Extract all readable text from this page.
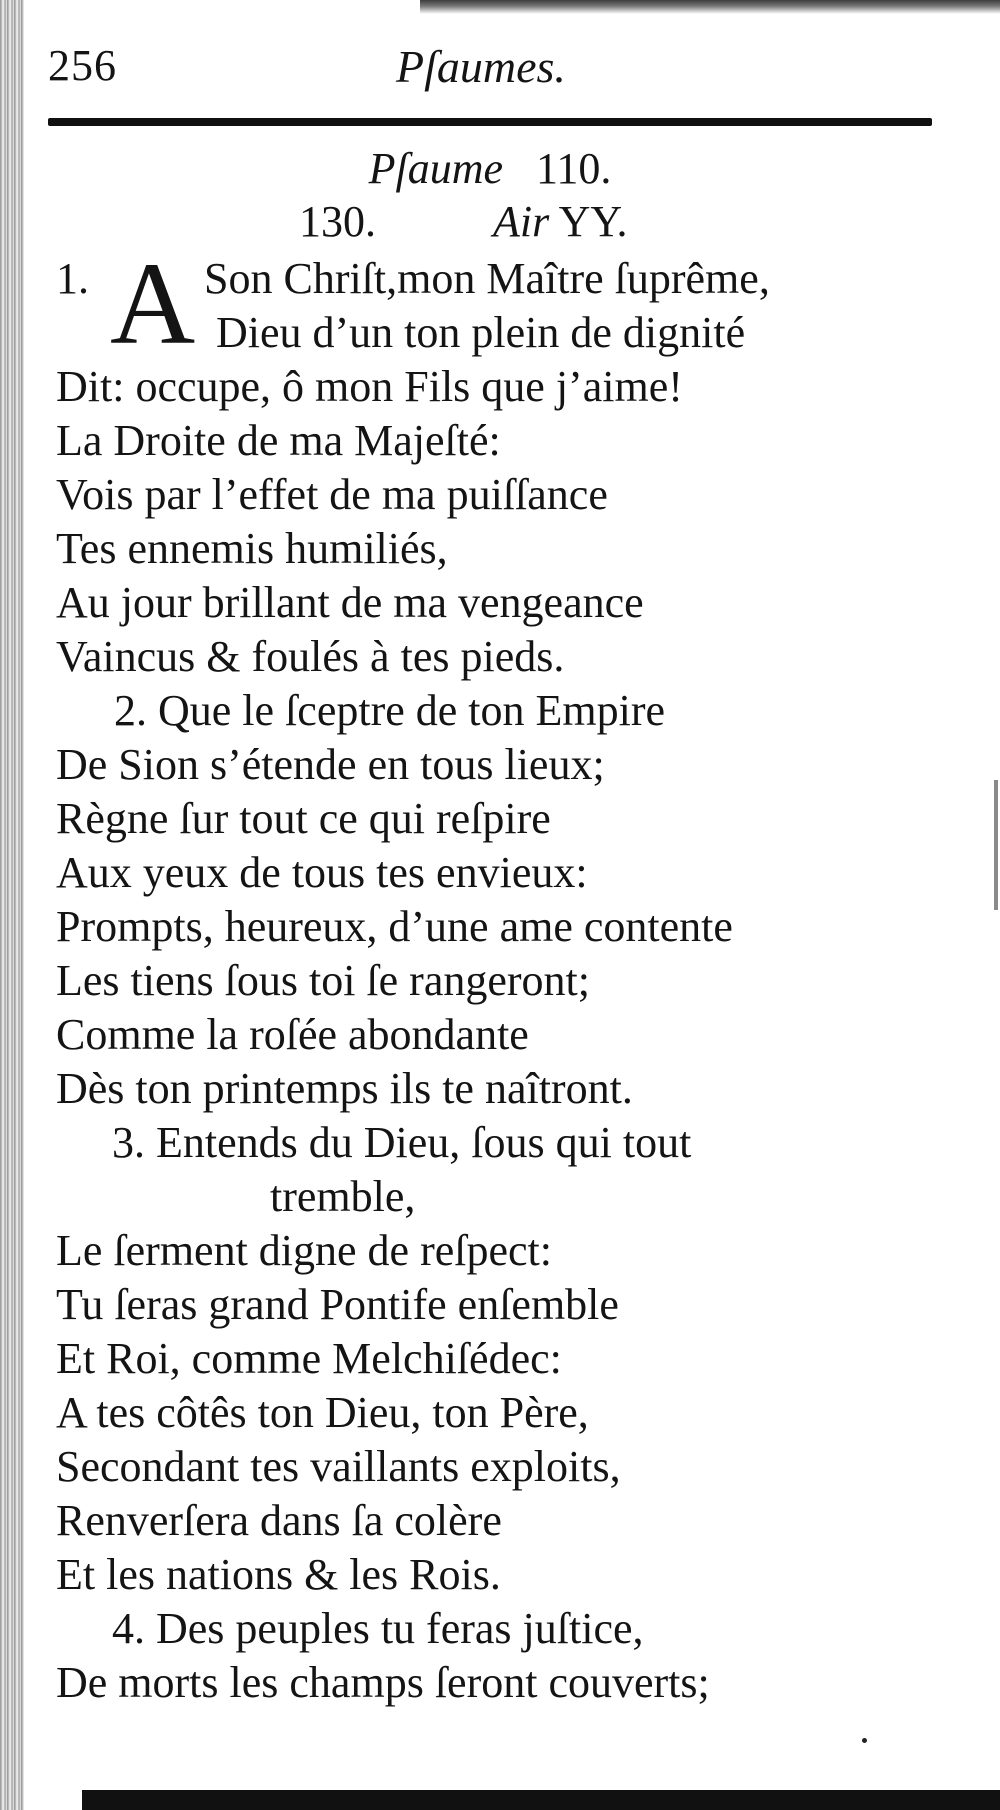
256	Pſaumes.
Pſaume 110.
130.	Air YY.
1. A Son Chriſt,mon Maître ſuprême,
Dieu d’un ton plein de dignité
Dit: occupe, ô mon Fils que j’aime!
La Droite de ma Majeſté:
Vois par l’effet de ma puiſſance
Tes ennemis humiliés,
Au jour brillant de ma vengeance
Vaincus & foulés à tes pieds.
2. Que le ſceptre de ton Empire
De Sion s’étende en tous lieux;
Règne ſur tout ce qui reſpire
Aux yeux de tous tes envieux:
Prompts, heureux, d’une ame contente
Les tiens ſous toi ſe rangeront;
Comme la roſée abondante
Dès ton printemps ils te naîtront.
3. Entends du Dieu, ſous qui tout
tremble,
Le ſerment digne de reſpect:
Tu ſeras grand Pontife enſemble
Et Roi, comme Melchiſédec:
A tes côtês ton Dieu, ton Père,
Secondant tes vaillants exploits,
Renverſera dans ſa colère
Et les nations & les Rois.
4. Des peuples tu feras juſtice,
De morts les champs ſeront couverts;
